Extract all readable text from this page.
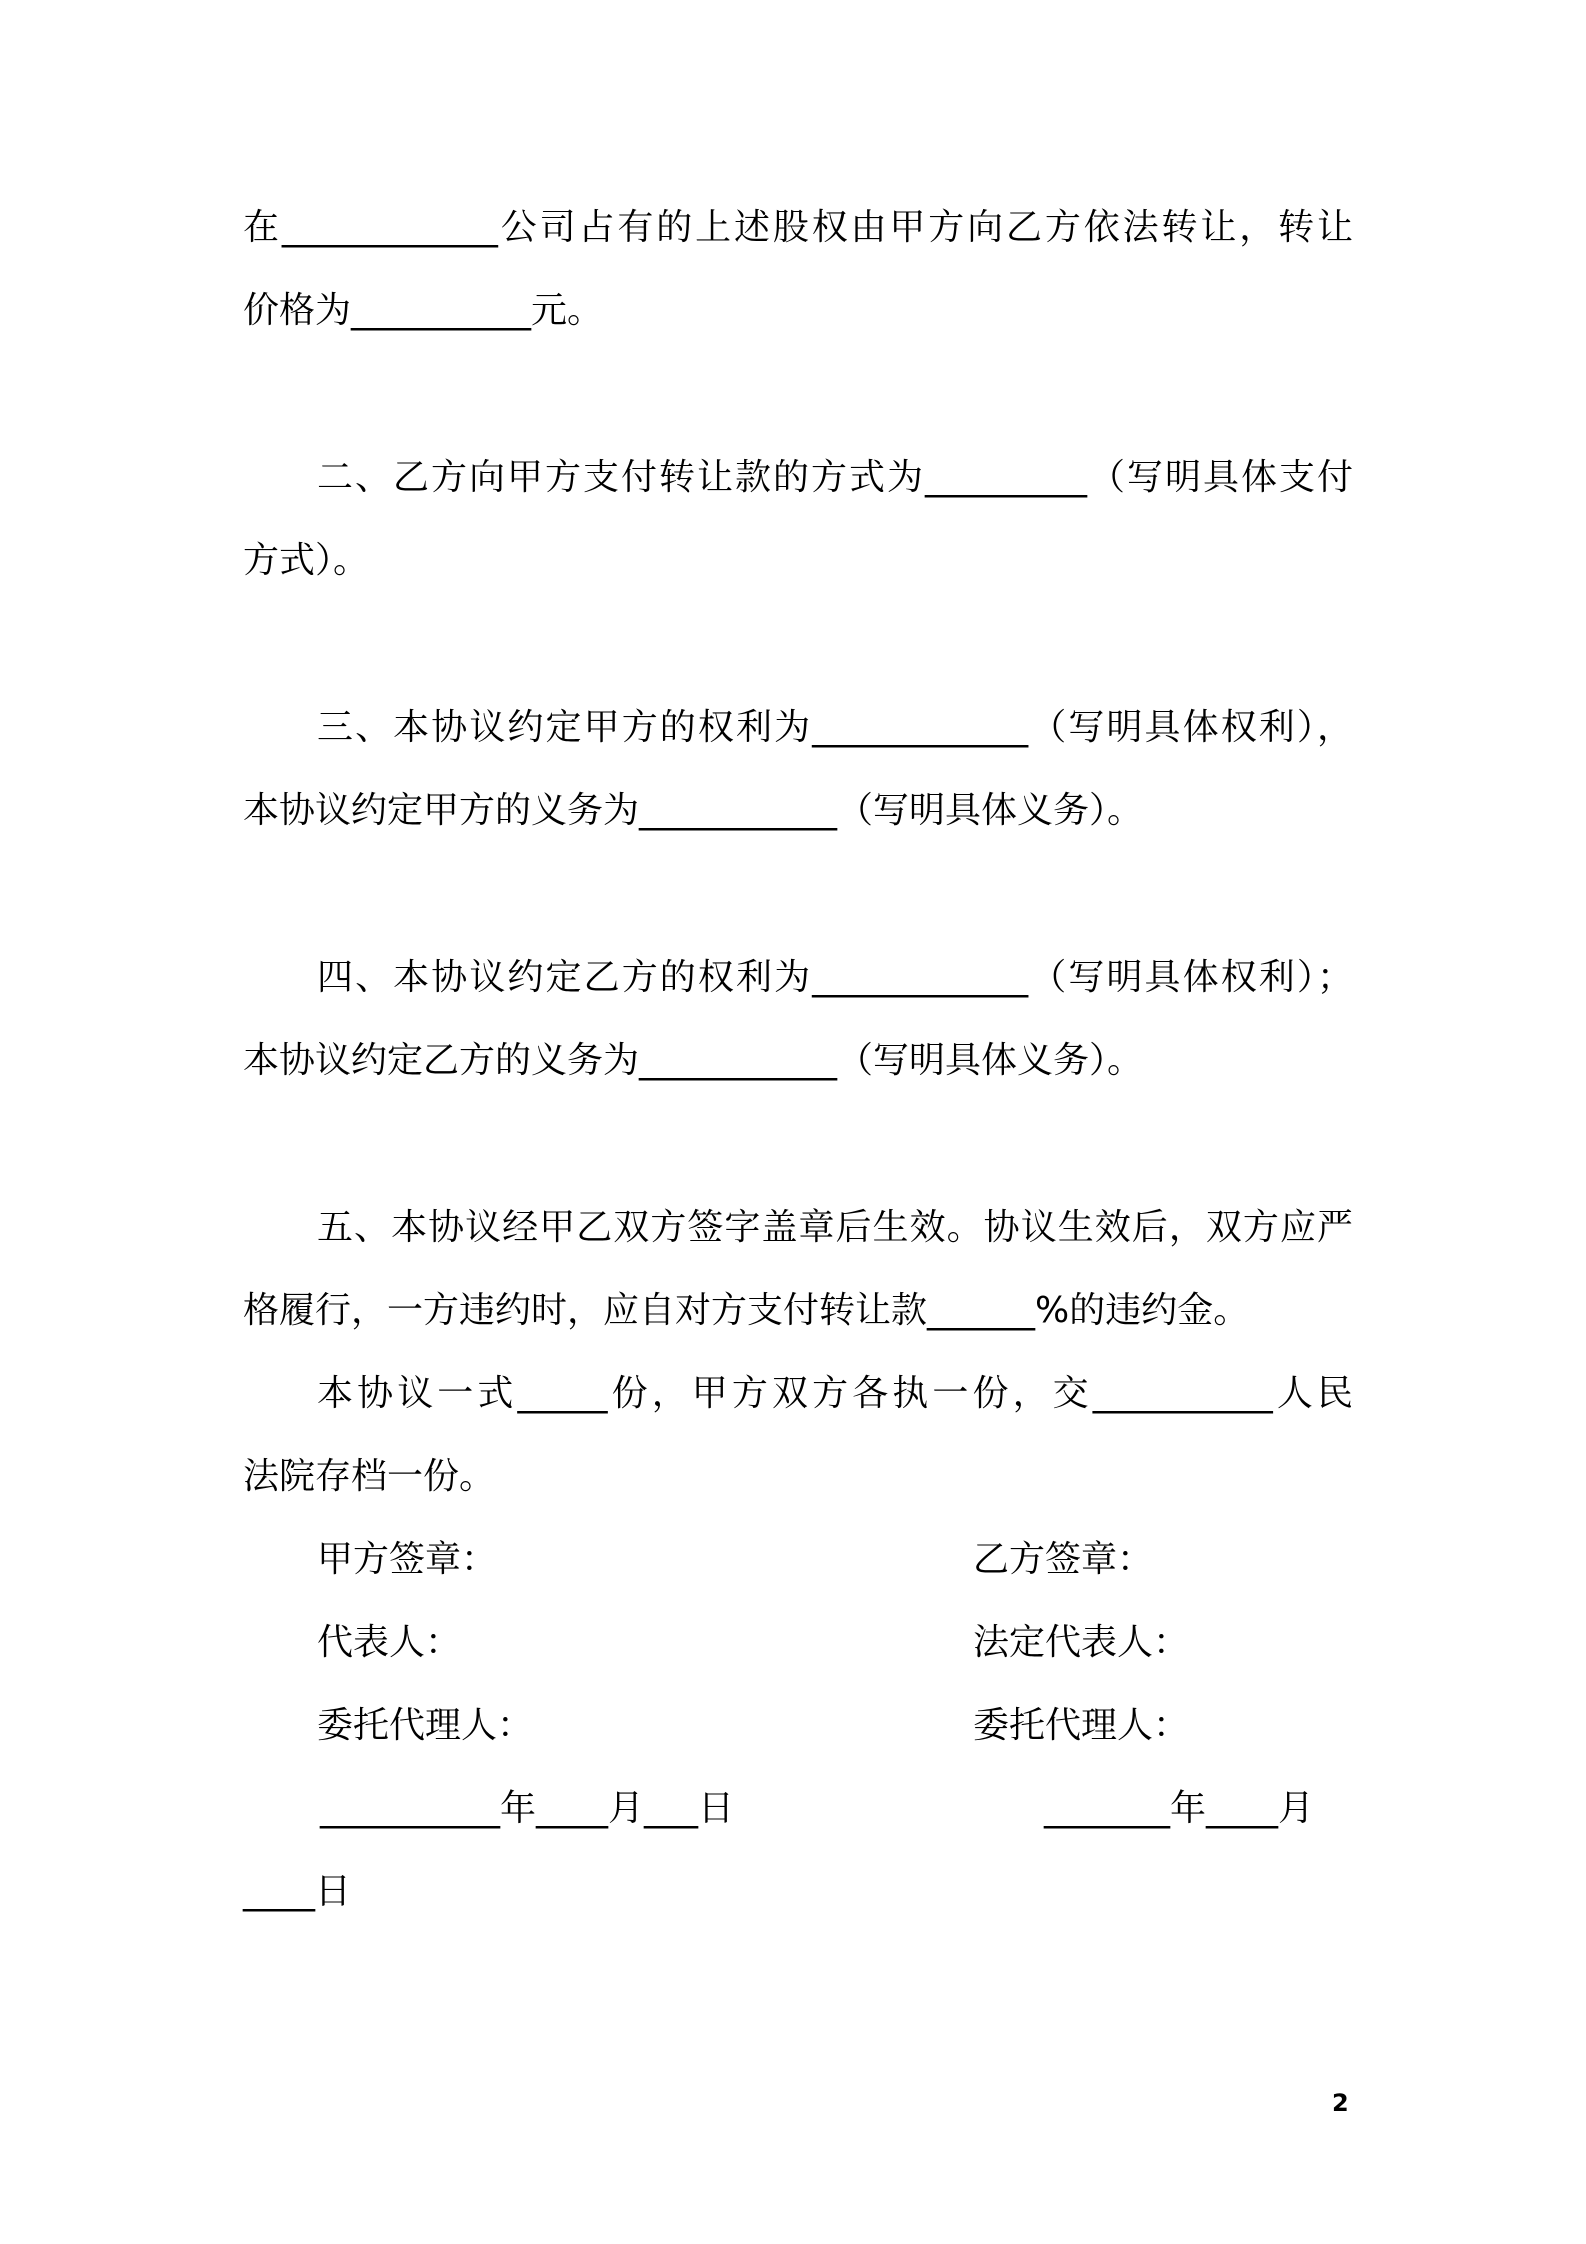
在____________公司占有的上述股权由甲方向乙方依法转让，转让
价格为__________元。
二、乙方向甲方支付转让款的方式为_________（写明具体支付
方式）。
三、本协议约定甲方的权利为____________（写明具体权利），
本协议约定甲方的义务为___________（写明具体义务）。
四、本协议约定乙方的权利为____________（写明具体权利）；
本协议约定乙方的义务为___________（写明具体义务）。
五、本协议经甲乙双方签字盖章后生效。协议生效后，双方应严
格履行，一方违约时，应自对方支付转让款______%的违约金。
本协议一式_____份，甲方双方各执一份，交__________人民
法院存档一份。
甲方签章：	乙方签章：
代表人：	法定代表人：
委托代理人：	委托代理人：
__________年____月___日	_______年____月
____日
2
